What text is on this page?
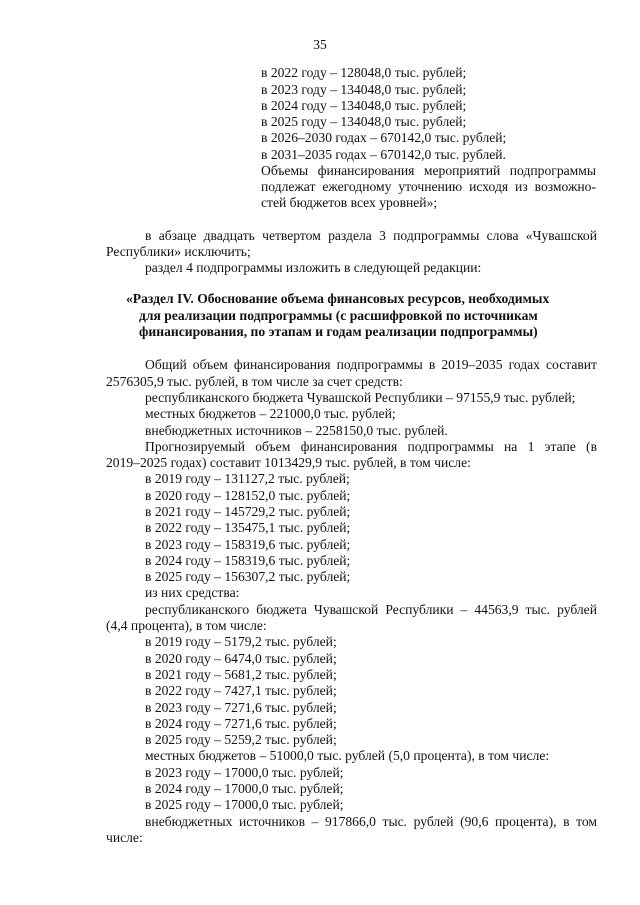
35
в 2022 году – 128048,0 тыс. рублей;
в 2023 году – 134048,0 тыс. рублей;
в 2024 году – 134048,0 тыс. рублей;
в 2025 году – 134048,0 тыс. рублей;
в 2026–2030 годах – 670142,0 тыс. рублей;
в 2031–2035 годах – 670142,0 тыс. рублей.
Объемы финансирования мероприятий подпрограммы
подлежат ежегодному уточнению исходя из возможно-
стей бюджетов всех уровней»;
в абзаце двадцать четвертом раздела 3 подпрограммы слова «Чувашской
Республики» исключить;
раздел 4 подпрограммы изложить в следующей редакции:
«Раздел IV. Обоснование объема финансовых ресурсов, необходимых
для реализации подпрограммы (с расшифровкой по источникам
финансирования, по этапам и годам реализации подпрограммы)
Общий объем финансирования подпрограммы в 2019–2035 годах составит
2576305,9 тыс. рублей, в том числе за счет средств:
республиканского бюджета Чувашской Республики – 97155,9 тыс. рублей;
местных бюджетов – 221000,0 тыс. рублей;
внебюджетных источников – 2258150,0 тыс. рублей.
Прогнозируемый объем финансирования подпрограммы на 1 этапе (в
2019–2025 годах) составит 1013429,9 тыс. рублей, в том числе:
в 2019 году – 131127,2 тыс. рублей;
в 2020 году – 128152,0 тыс. рублей;
в 2021 году – 145729,2 тыс. рублей;
в 2022 году – 135475,1 тыс. рублей;
в 2023 году – 158319,6 тыс. рублей;
в 2024 году – 158319,6 тыс. рублей;
в 2025 году – 156307,2 тыс. рублей;
из них средства:
республиканского бюджета Чувашской Республики – 44563,9 тыс. рублей
(4,4 процента), в том числе:
в 2019 году – 5179,2 тыс. рублей;
в 2020 году – 6474,0 тыс. рублей;
в 2021 году – 5681,2 тыс. рублей;
в 2022 году – 7427,1 тыс. рублей;
в 2023 году – 7271,6 тыс. рублей;
в 2024 году – 7271,6 тыс. рублей;
в 2025 году – 5259,2 тыс. рублей;
местных бюджетов – 51000,0 тыс. рублей (5,0 процента), в том числе:
в 2023 году – 17000,0 тыс. рублей;
в 2024 году – 17000,0 тыс. рублей;
в 2025 году – 17000,0 тыс. рублей;
внебюджетных источников – 917866,0 тыс. рублей (90,6 процента), в том
числе:
